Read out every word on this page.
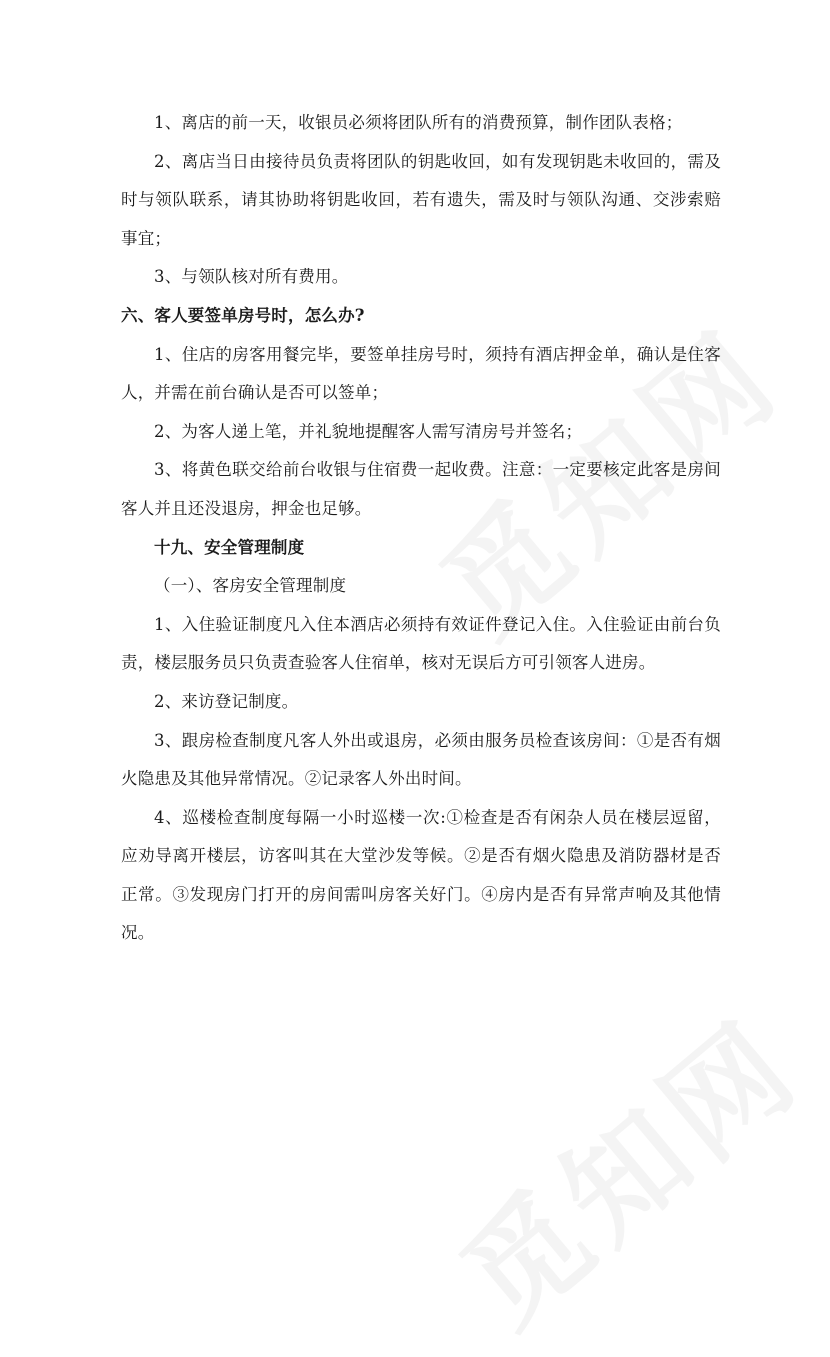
1、离店的前一天，收银员必须将团队所有的消费预算，制作团队表格；

2、离店当日由接待员负责将团队的钥匙收回，如有发现钥匙未收回的，需及时与领队联系，请其协助将钥匙收回，若有遗失，需及时与领队沟通、交涉索赔事宜；

3、与领队核对所有费用。

六、客人要签单房号时，怎么办?

1、住店的房客用餐完毕，要签单挂房号时，须持有酒店押金单，确认是住客人，并需在前台确认是否可以签单；

2、为客人递上笔，并礼貌地提醒客人需写清房号并签名；

3、将黄色联交给前台收银与住宿费一起收费。注意：一定要核定此客是房间客人并且还没退房，押金也足够。

十九、安全管理制度

（一）、客房安全管理制度

1、入住验证制度凡入住本酒店必须持有效证件登记入住。入住验证由前台负责，楼层服务员只负责查验客人住宿单，核对无误后方可引领客人进房。

2、来访登记制度。

3、跟房检查制度凡客人外出或退房，必须由服务员检查该房间：①是否有烟火隐患及其他异常情况。②记录客人外出时间。

4、巡楼检查制度每隔一小时巡楼一次:①检查是否有闲杂人员在楼层逗留，应劝导离开楼层，访客叫其在大堂沙发等候。②是否有烟火隐患及消防器材是否正常。③发现房门打开的房间需叫房客关好门。④房内是否有异常声响及其他情况。
